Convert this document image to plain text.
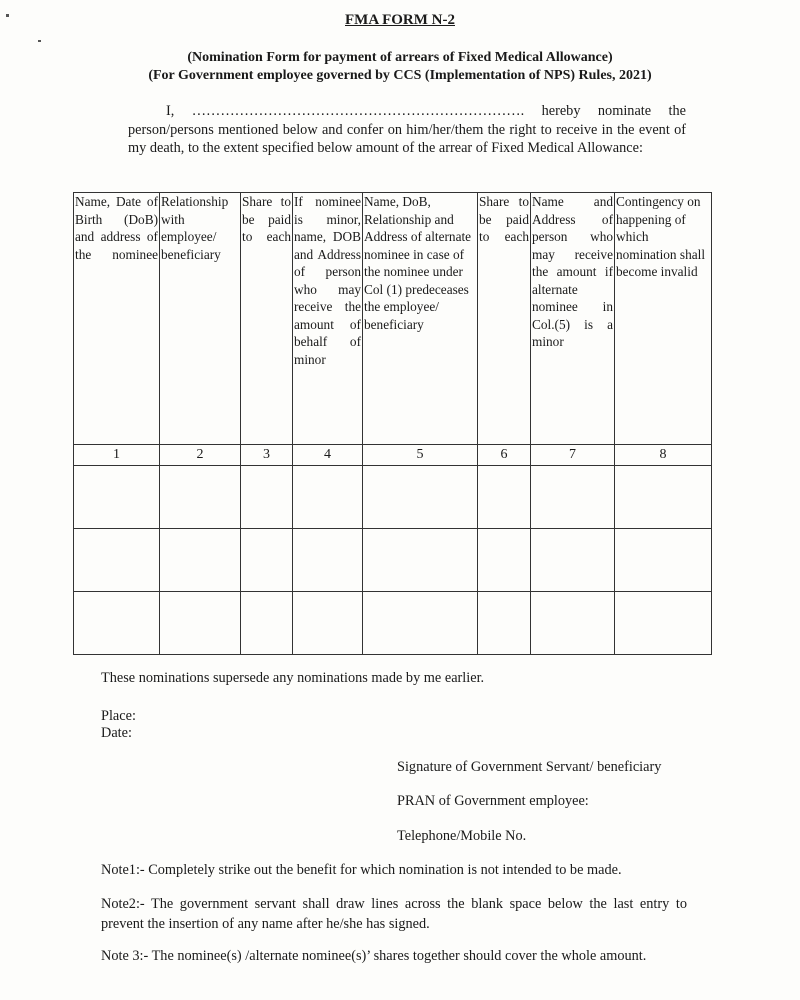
FMA FORM N-2
(Nomination Form for payment of arrears of Fixed Medical Allowance)
(For Government employee governed by CCS (Implementation of NPS) Rules, 2021)
I, ……………………………………………………………. hereby nominate the
person/persons mentioned below and confer on him/her/them the right to receive in the event of my death, to the extent specified below amount of the arrear of Fixed Medical Allowance:
Name, Date of Birth (DoB) and address of the nominee	Relationship with employee/ beneficiary	Share to be paid to each	If nominee is minor, name, DOB and Address of person who may receive the amount of behalf of minor	Name, DoB, Relationship and Address of alternate nominee in case of the nominee under Col (1) predeceases the employee/ beneficiary	Share to be paid to each	Name and Address of person who may receive the amount if alternate nominee in Col.(5) is a minor	Contingency on happening of which nomination shall become invalid
1	2	3	4	5	6	7	8

These nominations supersede any nominations made by me earlier.
Place:
Date:
Signature of Government Servant/ beneficiary
PRAN of Government employee:
Telephone/Mobile No.
Note1:- Completely strike out the benefit for which nomination is not intended to be made.
Note2:- The government servant shall draw lines across the blank space below the last entry to prevent the insertion of any name after he/she has signed.
Note 3:- The nominee(s) /alternate nominee(s)’ shares together should cover the whole amount.
